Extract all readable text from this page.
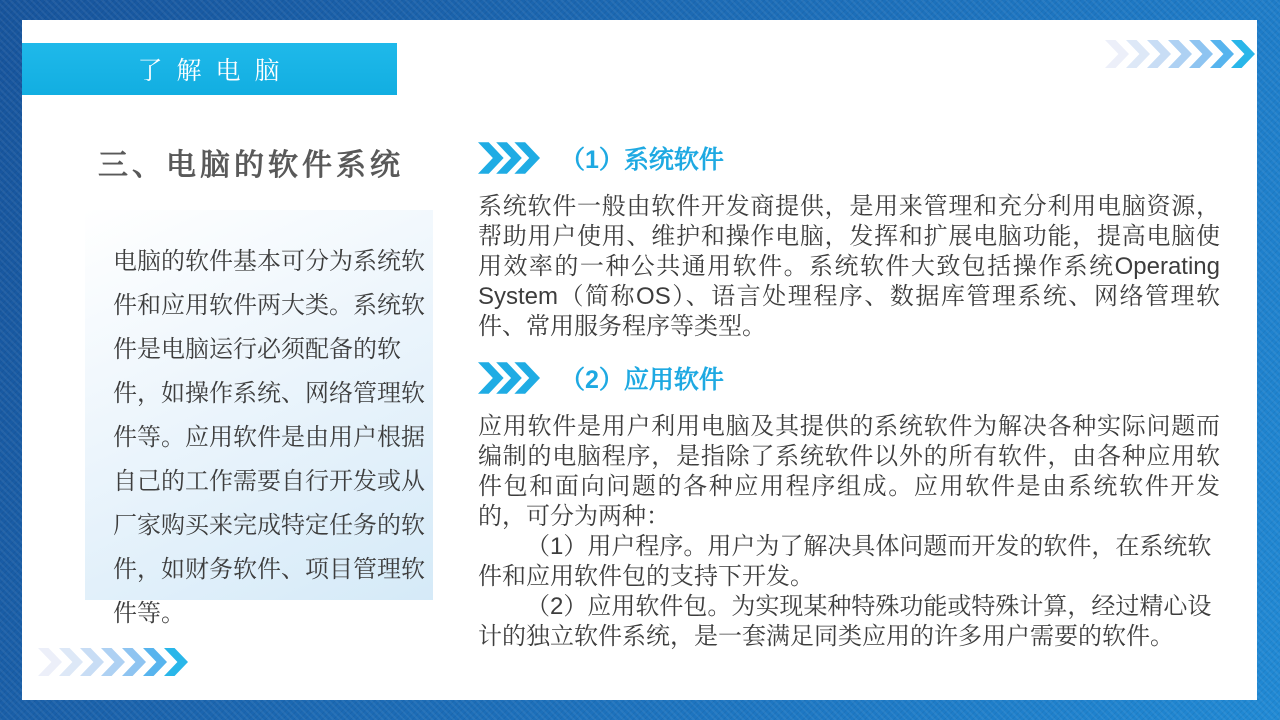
了解电脑
三、电脑的软件系统

电脑的软件基本可分为系统软件和应用软件两大类。系统软件是电脑运行必须配备的软件，如操作系统、网络管理软件等。应用软件是由用户根据自己的工作需要自行开发或从厂家购买来完成特定任务的软件，如财务软件、项目管理软件等。

（1）系统软件

系统软件一般由软件开发商提供，是用来管理和充分利用电脑资源，帮助用户使用、维护和操作电脑，发挥和扩展电脑功能，提高电脑使用效率的一种公共通用软件。系统软件大致包括操作系统Operating System（简称OS）、语言处理程序、数据库管理系统、网络管理软件、常用服务程序等类型。

（2）应用软件

应用软件是用户利用电脑及其提供的系统软件为解决各种实际问题而编制的电脑程序，是指除了系统软件以外的所有软件，由各种应用软件包和面向问题的各种应用程序组成。应用软件是由系统软件开发的，可分为两种：

（1）用户程序。用户为了解决具体问题而开发的软件，在系统软件和应用软件包的支持下开发。

（2）应用软件包。为实现某种特殊功能或特殊计算，经过精心设计的独立软件系统，是一套满足同类应用的许多用户需要的软件。
